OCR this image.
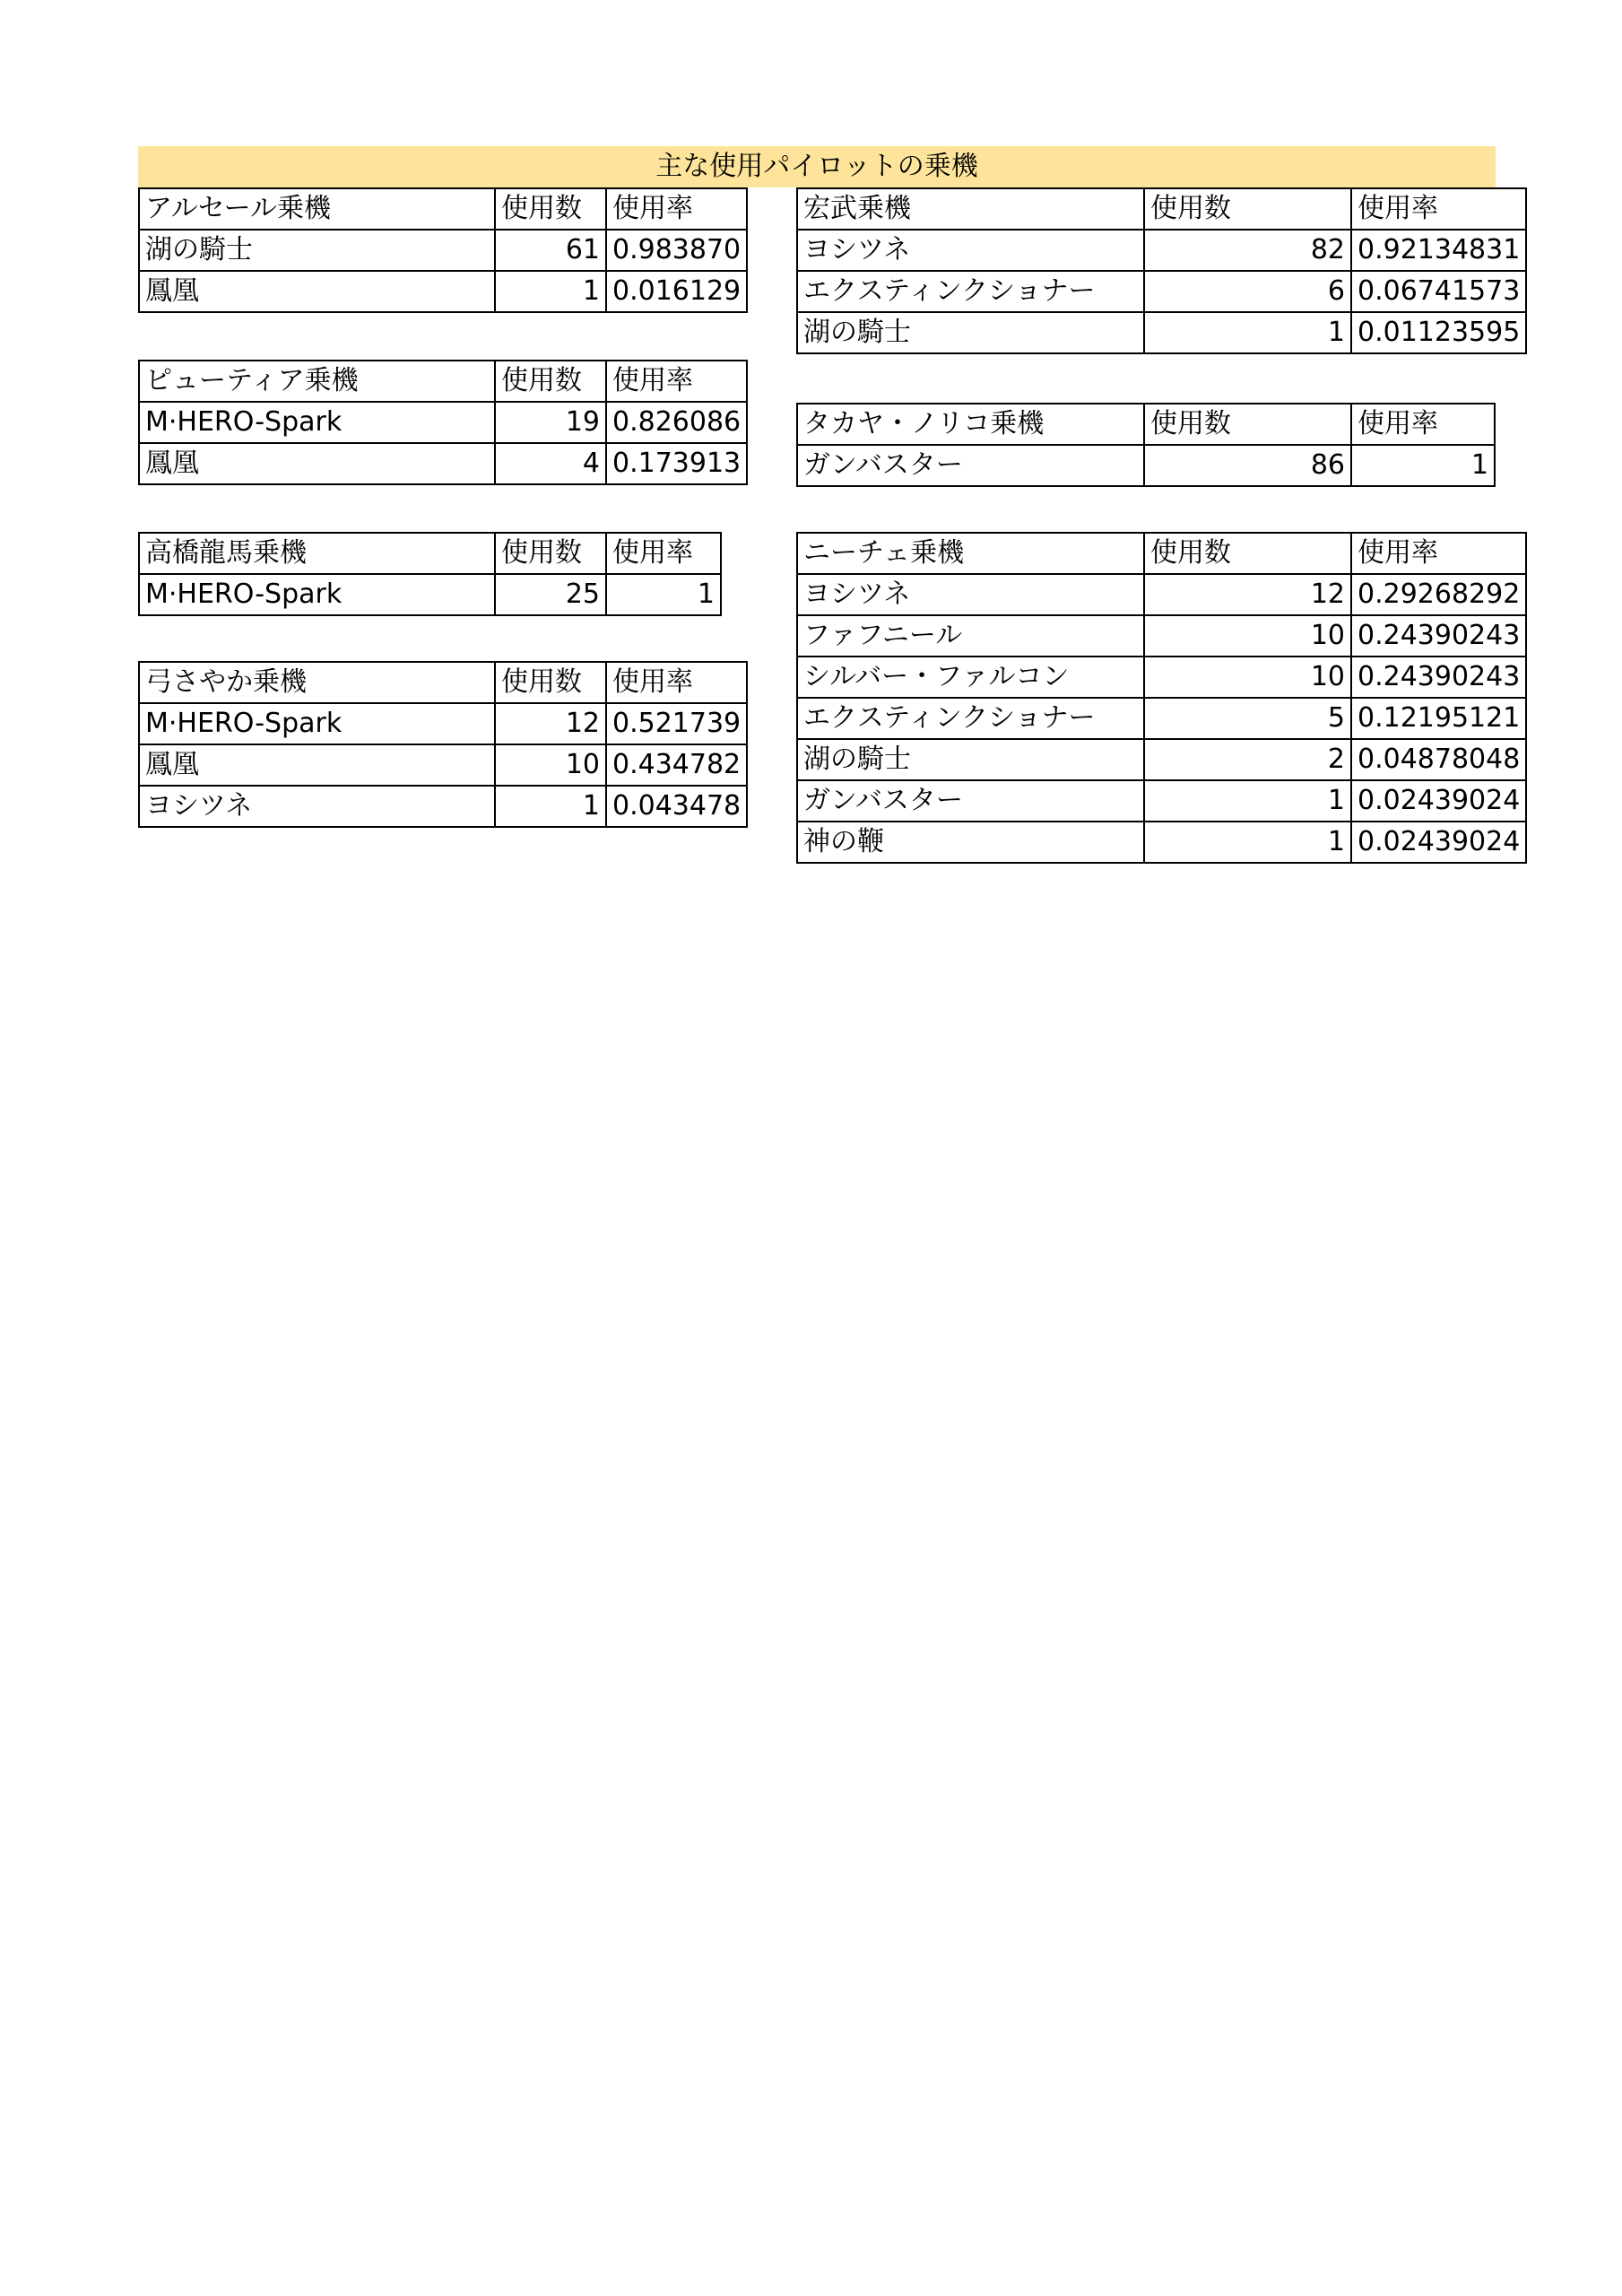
主な使用パイロットの乗機
アルセール乗機	使用数	使用率
湖の騎士	61	0.983870
鳳凰	1	0.016129
ピューティア乗機	使用数	使用率
M·HERO-Spark	19	0.826086
鳳凰	4	0.173913
高橋龍馬乗機	使用数	使用率
M·HERO-Spark	25	1
弓さやか乗機	使用数	使用率
M·HERO-Spark	12	0.521739
鳳凰	10	0.434782
ヨシツネ	1	0.043478
宏武乗機	使用数	使用率
ヨシツネ	82	0.92134831
エクスティンクショナー	6	0.06741573
湖の騎士	1	0.01123595
タカヤ・ノリコ乗機	使用数	使用率
ガンバスター	86	1
ニーチェ乗機	使用数	使用率
ヨシツネ	12	0.29268292
ファフニール	10	0.24390243
シルバー・ファルコン	10	0.24390243
エクスティンクショナー	5	0.12195121
湖の騎士	2	0.04878048
ガンバスター	1	0.02439024
神の鞭	1	0.02439024
